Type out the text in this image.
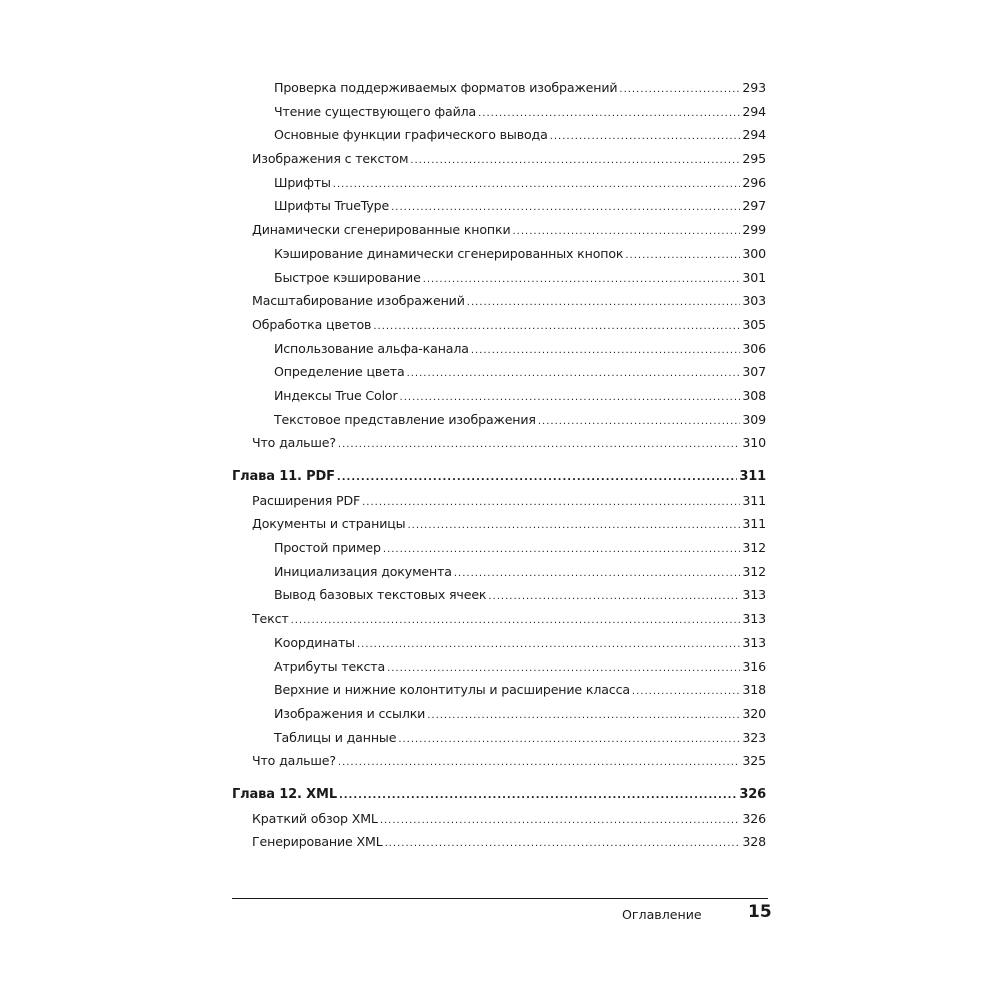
Проверка поддерживаемых форматов изображений .....	293
Чтение существующего файла .....	294
Основные функции графического вывода .....	294
Изображения с текстом .....	295
Шрифты .....	296
Шрифты TrueType .....	297
Динамически сгенерированные кнопки .....	299
Кэширование динамически сгенерированных кнопок .....	300
Быстрое кэширование .....	301
Масштабирование изображений .....	303
Обработка цветов .....	305
Использование альфа-канала .....	306
Определение цвета .....	307
Индексы True Color .....	308
Текстовое представление изображения .....	309
Что дальше? .....	310
Глава 11. PDF .....	311
Расширения PDF .....	311
Документы и страницы .....	311
Простой пример .....	312
Инициализация документа .....	312
Вывод базовых текстовых ячеек .....	313
Текст .....	313
Координаты .....	313
Атрибуты текста .....	316
Верхние и нижние колонтитулы и расширение класса .....	318
Изображения и ссылки .....	320
Таблицы и данные .....	323
Что дальше? .....	325
Глава 12. XML .....	326
Краткий обзор XML .....	326
Генерирование XML .....	328
Оглавление	15
